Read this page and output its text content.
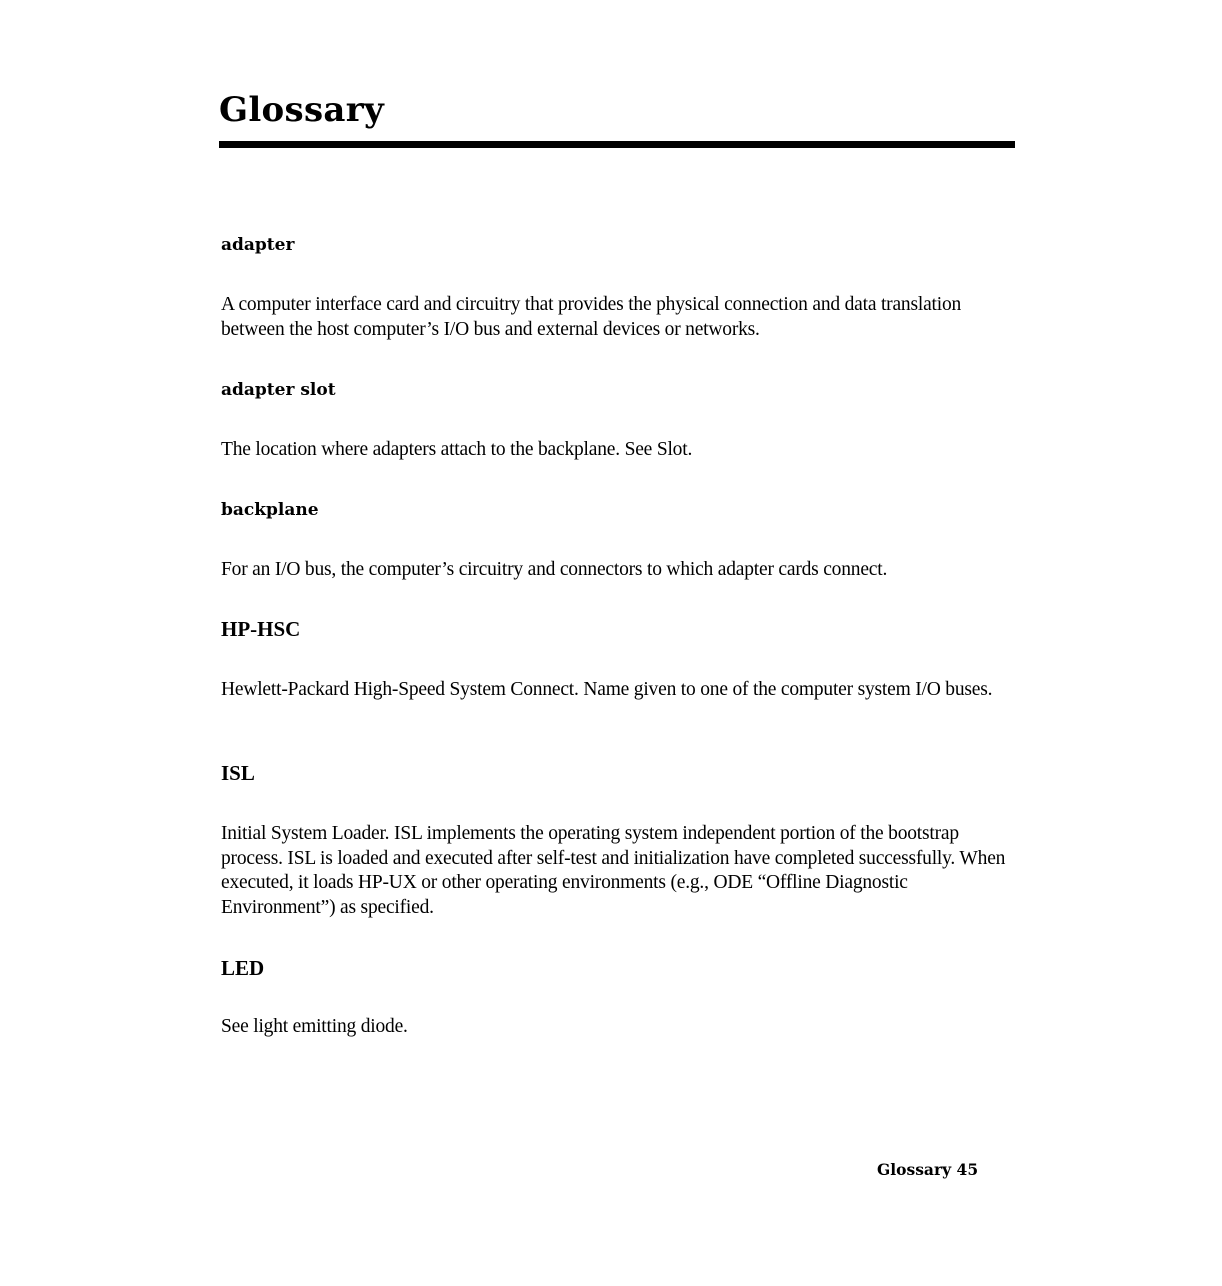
Glossary
adapter

A computer interface card and circuitry that provides the physical connection and data translation between the host computer’s I/O bus and external devices or networks.

adapter slot

The location where adapters attach to the backplane. See Slot.

backplane

For an I/O bus, the computer’s circuitry and connectors to which adapter cards connect.

HP-HSC

Hewlett-Packard High-Speed System Connect. Name given to one of the computer system I/O buses.

ISL

Initial System Loader. ISL implements the operating system independent portion of the bootstrap process. ISL is loaded and executed after self-test and initialization have completed successfully. When executed, it loads HP-UX or other operating environments (e.g., ODE “Offline Diagnostic Environment”) as specified.

LED

See light emitting diode.

Glossary 45
